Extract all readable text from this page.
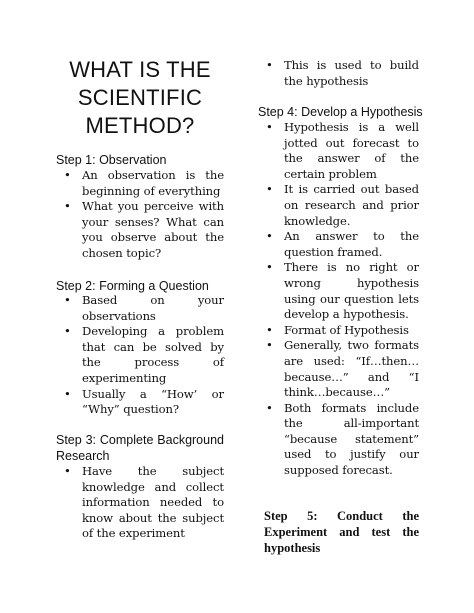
WHAT IS THE
SCIENTIFIC
METHOD?
Step 1: Observation
• An observation is the beginning of everything
• What you perceive with your senses? What can you observe about the chosen topic?
Step 2: Forming a Question
• Based on your observations
• Developing a problem that can be solved by the process of experimenting
• Usually a “How’ or “Why” question?
Step 3: Complete Background
Research
• Have the subject knowledge and collect information needed to know about the subject of the experiment
• This is used to build the hypothesis
Step 4: Develop a Hypothesis
• Hypothesis is a well jotted out forecast to the answer of the certain problem
• It is carried out based on research and prior knowledge.
• An answer to the question framed.
• There is no right or wrong hypothesis using our question lets develop a hypothesis.
• Format of Hypothesis
• Generally, two formats are used: “If…then…because…” and “I think…because…”
• Both formats include the all-important “because statement” used to justify our supposed forecast.
Step 5: Conduct the
Experiment and test the
hypothesis
